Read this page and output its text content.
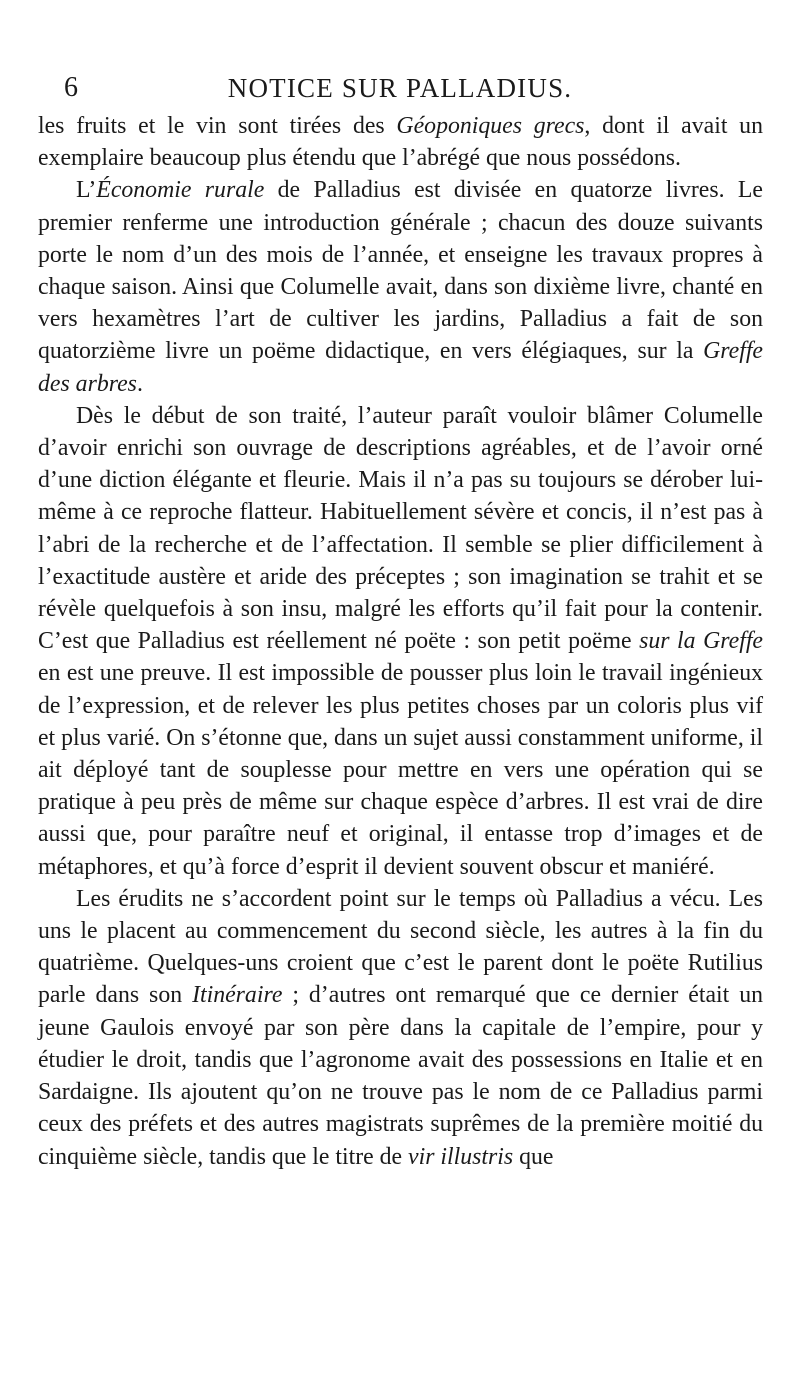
6	NOTICE SUR PALLADIUS.

les fruits et le vin sont tirées des Géoponiques grecs, dont il avait un exemplaire beaucoup plus étendu que l’abrégé que nous possédons.

L’Économie rurale de Palladius est divisée en quatorze livres. Le premier renferme une introduction générale ; chacun des douze suivants porte le nom d’un des mois de l’année, et enseigne les travaux propres à chaque saison. Ainsi que Columelle avait, dans son dixième livre, chanté en vers hexamètres l’art de cultiver les jardins, Palladius a fait de son quatorzième livre un poëme didactique, en vers élégiaques, sur la Greffe des arbres.

Dès le début de son traité, l’auteur paraît vouloir blâmer Columelle d’avoir enrichi son ouvrage de descriptions agréables, et de l’avoir orné d’une diction élégante et fleurie. Mais il n’a pas su toujours se dérober lui-même à ce reproche flatteur. Habituellement sévère et concis, il n’est pas à l’abri de la recherche et de l’affectation. Il semble se plier difficilement à l’exactitude austère et aride des préceptes ; son imagination se trahit et se révèle quelquefois à son insu, malgré les efforts qu’il fait pour la contenir. C’est que Palladius est réellement né poëte : son petit poëme sur la Greffe en est une preuve. Il est impossible de pousser plus loin le travail ingénieux de l’expression, et de relever les plus petites choses par un coloris plus vif et plus varié. On s’étonne que, dans un sujet aussi constamment uniforme, il ait déployé tant de souplesse pour mettre en vers une opération qui se pratique à peu près de même sur chaque espèce d’arbres. Il est vrai de dire aussi que, pour paraître neuf et original, il entasse trop d’images et de métaphores, et qu’à force d’esprit il devient souvent obscur et maniéré.

Les érudits ne s’accordent point sur le temps où Palladius a vécu. Les uns le placent au commencement du second siècle, les autres à la fin du quatrième. Quelques-uns croient que c’est le parent dont le poëte Rutilius parle dans son Itinéraire ; d’autres ont remarqué que ce dernier était un jeune Gaulois envoyé par son père dans la capitale de l’empire, pour y étudier le droit, tandis que l’agronome avait des possessions en Italie et en Sardaigne. Ils ajoutent qu’on ne trouve pas le nom de ce Palladius parmi ceux des préfets et des autres magistrats suprêmes de la première moitié du cinquième siècle, tandis que le titre de vir illustris que
